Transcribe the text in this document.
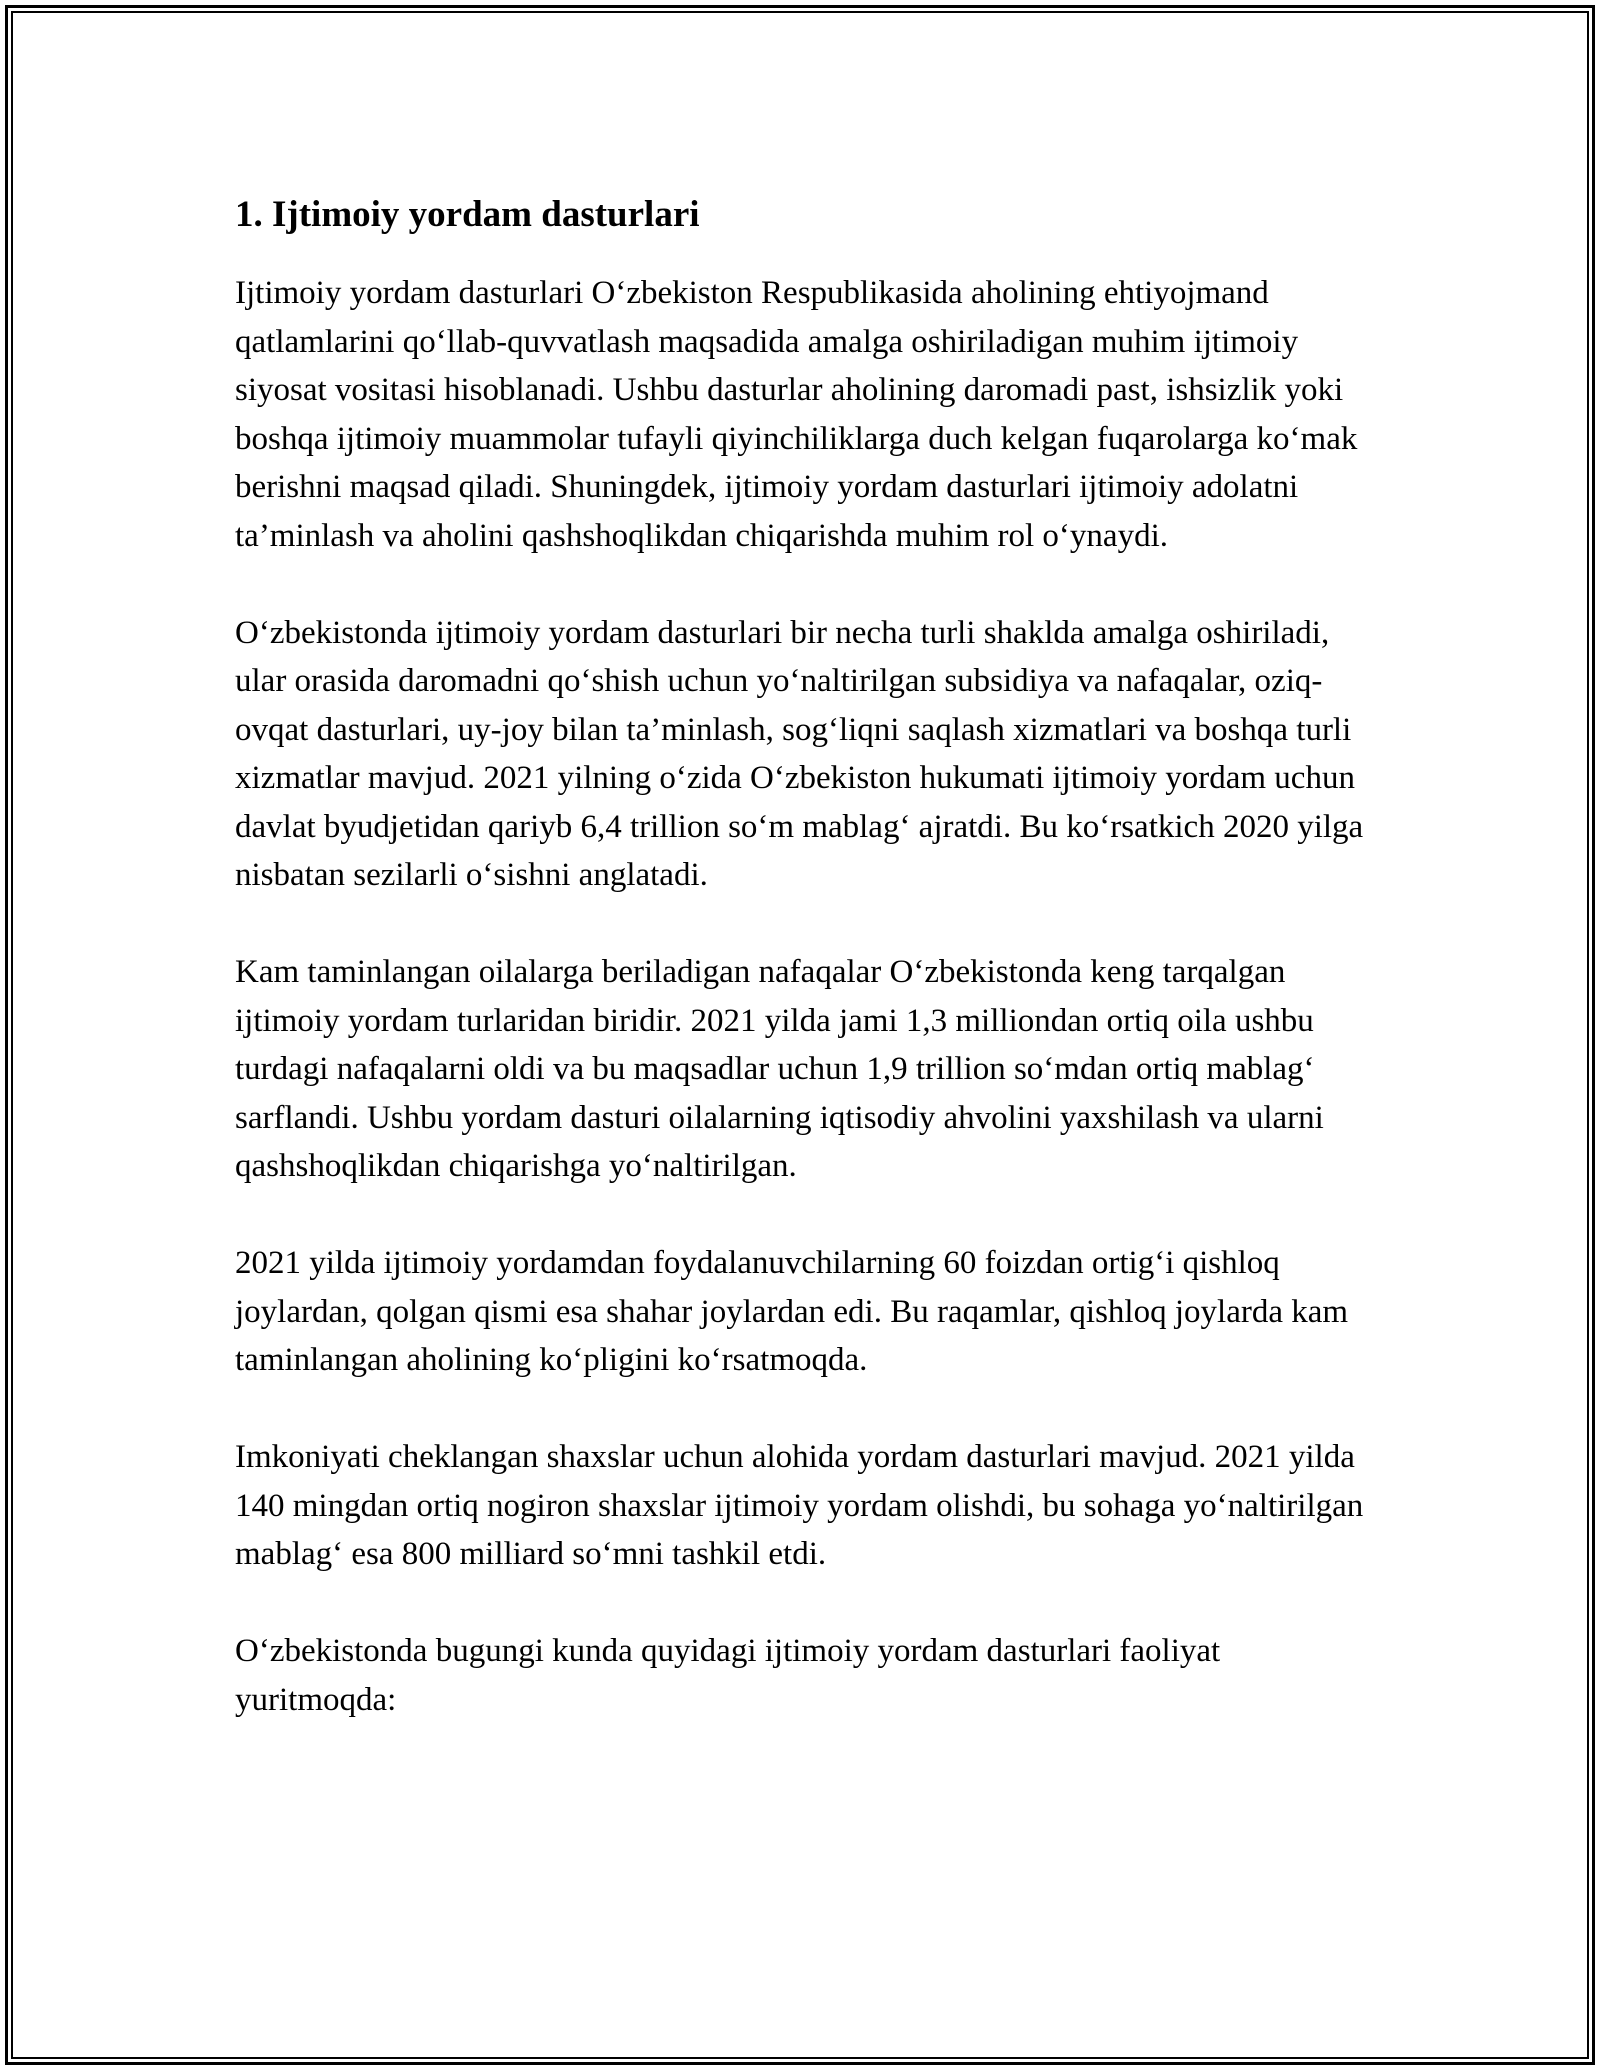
1. Ijtimoiy yordam dasturlari

Ijtimoiy yordam dasturlari O‘zbekiston Respublikasida aholining ehtiyojmand qatlamlarini qo‘llab-quvvatlash maqsadida amalga oshiriladigan muhim ijtimoiy siyosat vositasi hisoblanadi. Ushbu dasturlar aholining daromadi past, ishsizlik yoki boshqa ijtimoiy muammolar tufayli qiyinchiliklarga duch kelgan fuqarolarga ko‘mak berishni maqsad qiladi. Shuningdek, ijtimoiy yordam dasturlari ijtimoiy adolatni ta’minlash va aholini qashshoqlikdan chiqarishda muhim rol o‘ynaydi.

O‘zbekistonda ijtimoiy yordam dasturlari bir necha turli shaklda amalga oshiriladi, ular orasida daromadni qo‘shish uchun yo‘naltirilgan subsidiya va nafaqalar, oziq-ovqat dasturlari, uy-joy bilan ta’minlash, sog‘liqni saqlash xizmatlari va boshqa turli xizmatlar mavjud. 2021 yilning o‘zida O‘zbekiston hukumati ijtimoiy yordam uchun davlat byudjetidan qariyb 6,4 trillion so‘m mablag‘ ajratdi. Bu ko‘rsatkich 2020 yilga nisbatan sezilarli o‘sishni anglatadi.

Kam taminlangan oilalarga beriladigan nafaqalar O‘zbekistonda keng tarqalgan ijtimoiy yordam turlaridan biridir. 2021 yilda jami 1,3 milliondan ortiq oila ushbu turdagi nafaqalarni oldi va bu maqsadlar uchun 1,9 trillion so‘mdan ortiq mablag‘ sarflandi. Ushbu yordam dasturi oilalarning iqtisodiy ahvolini yaxshilash va ularni qashshoqlikdan chiqarishga yo‘naltirilgan.

2021 yilda ijtimoiy yordamdan foydalanuvchilarning 60 foizdan ortig‘i qishloq joylardan, qolgan qismi esa shahar joylardan edi. Bu raqamlar, qishloq joylarda kam taminlangan aholining ko‘pligini ko‘rsatmoqda.

Imkoniyati cheklangan shaxslar uchun alohida yordam dasturlari mavjud. 2021 yilda 140 mingdan ortiq nogiron shaxslar ijtimoiy yordam olishdi, bu sohaga yo‘naltirilgan mablag‘ esa 800 milliard so‘mni tashkil etdi.

O‘zbekistonda bugungi kunda quyidagi ijtimoiy yordam dasturlari faoliyat yuritmoqda:
